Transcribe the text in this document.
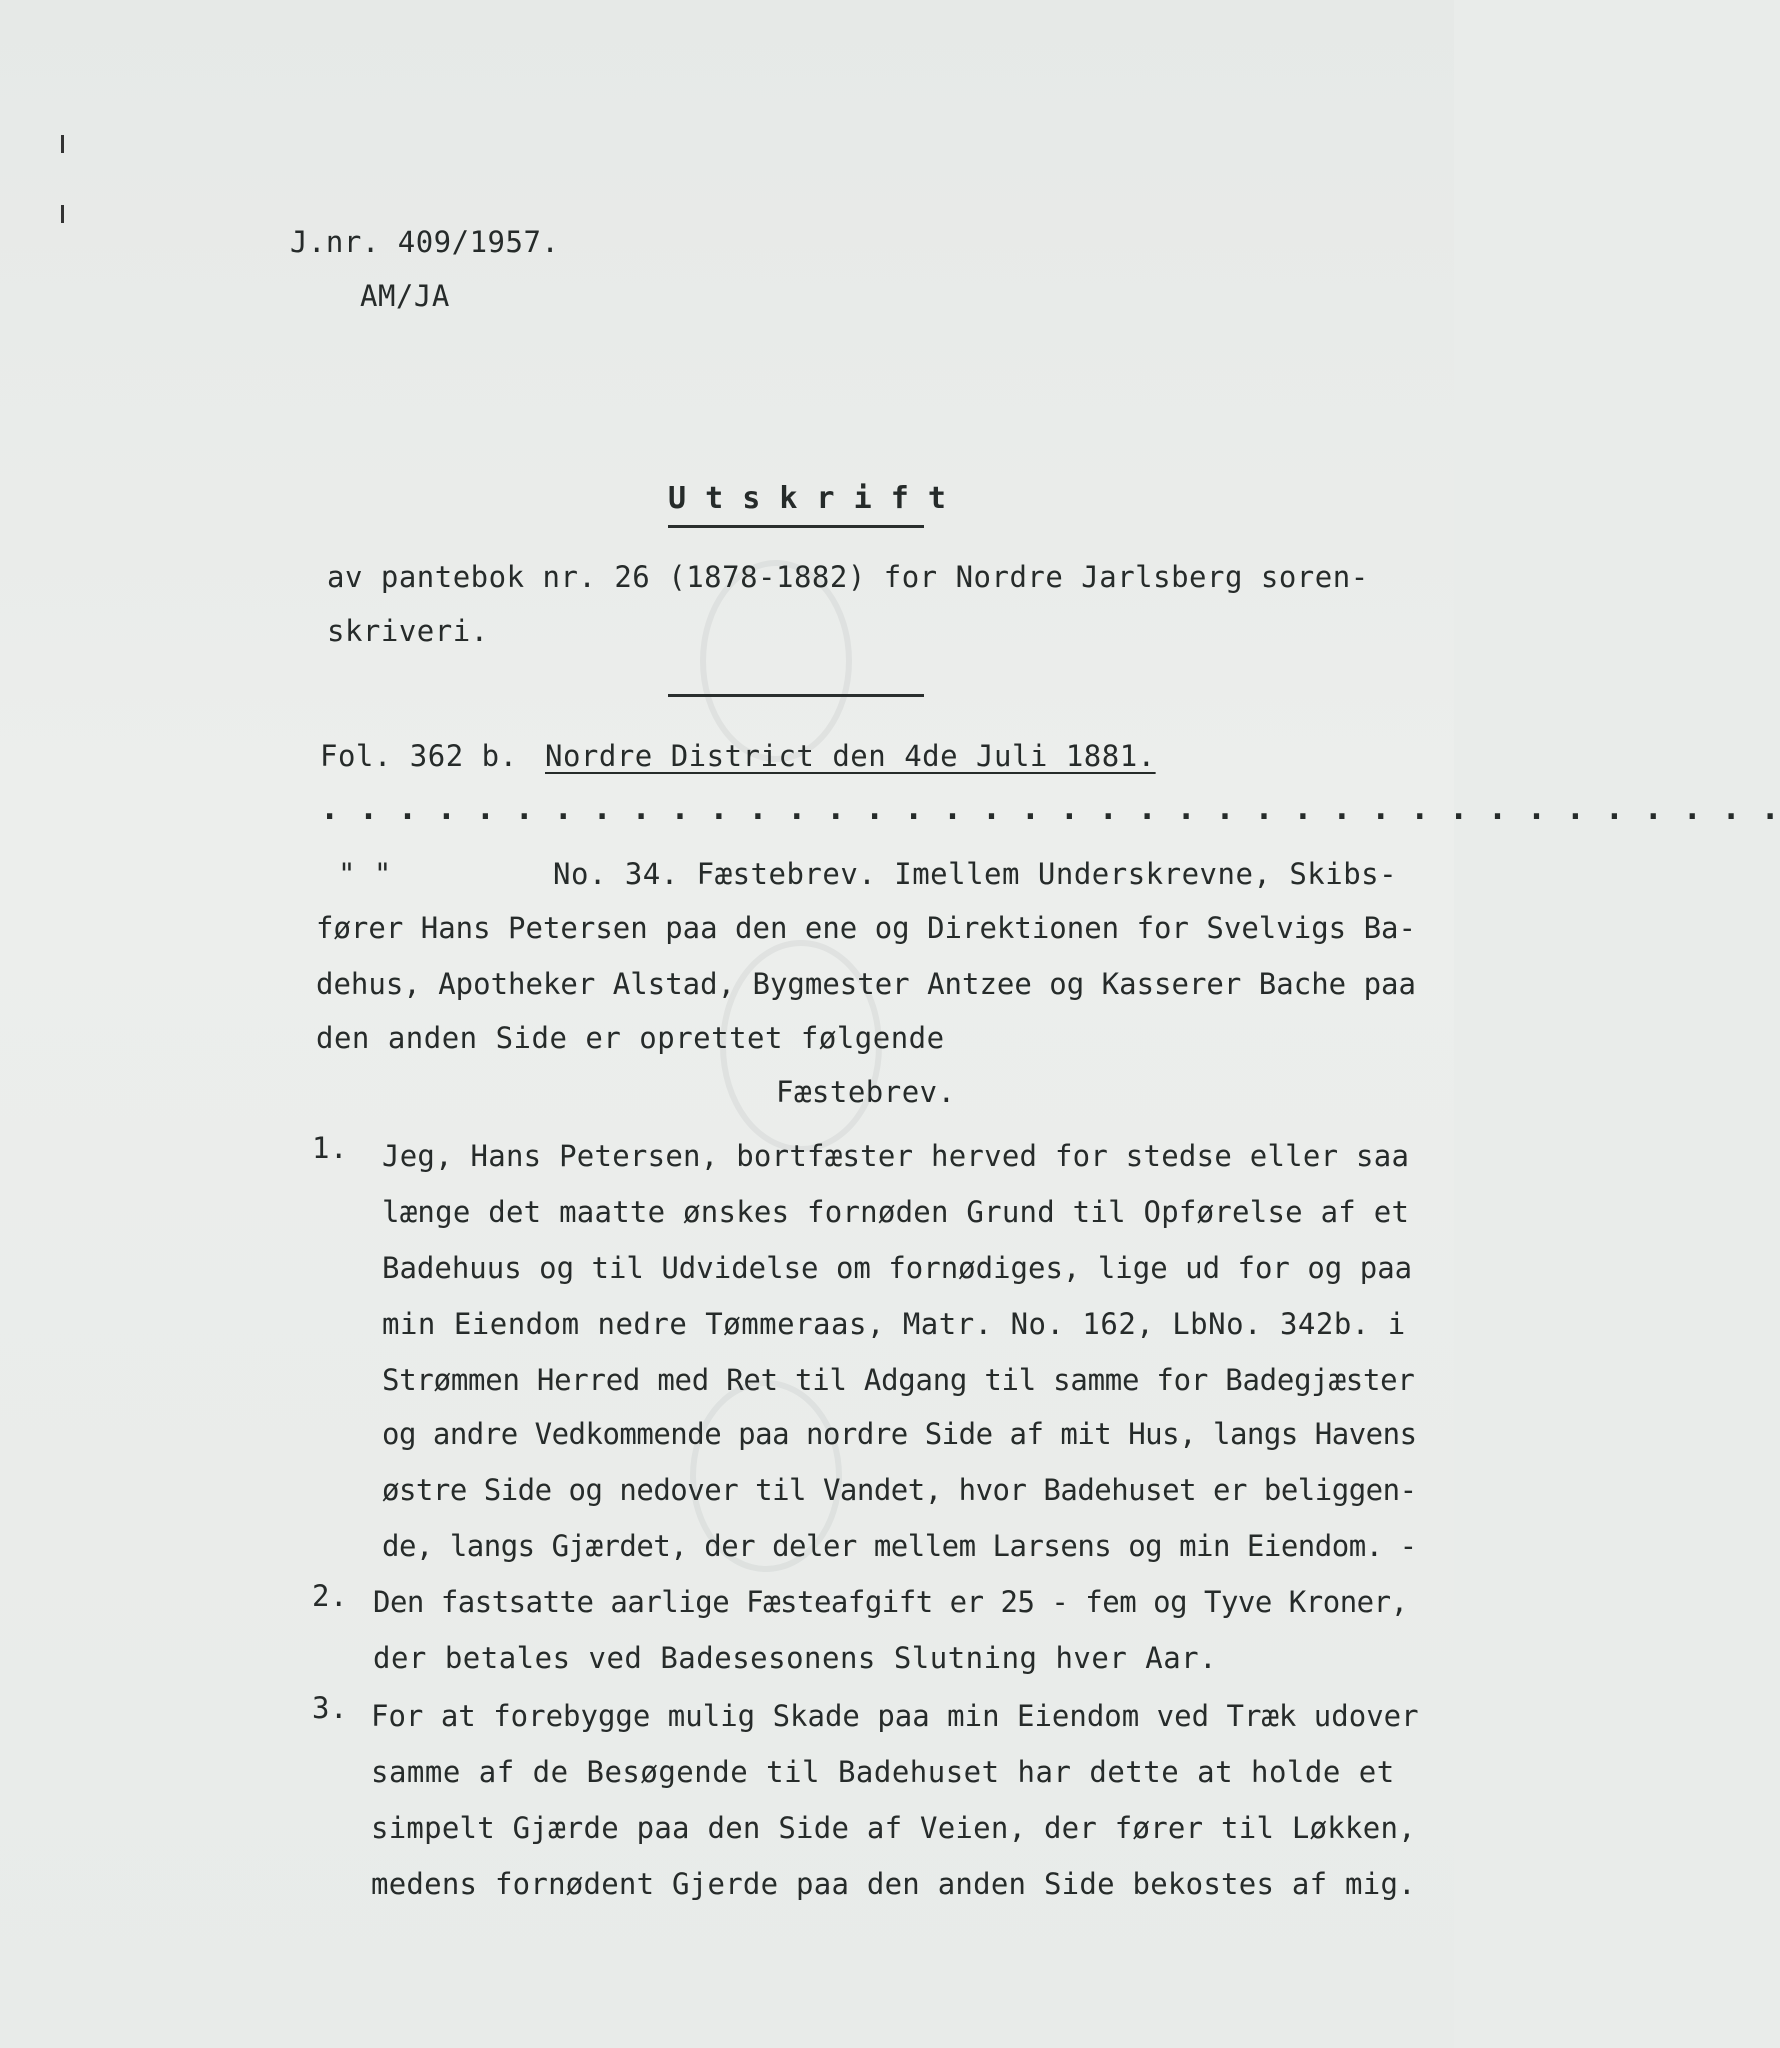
J.nr. 409/1957.
AM/JA
U t s k r i f t
av pantebok nr. 26 (1878-1882) for Nordre Jarlsberg soren-
skriveri.
Fol. 362 b. Nordre District den 4de Juli 1881.
. . . . . . . . . . . . . . . . . . . . . . . . . . . . . . . . . . . . . .
" "	No. 34. Fæstebrev. Imellem Underskrevne, Skibs-
fører Hans Petersen paa den ene og Direktionen for Svelvigs Ba-
dehus, Apotheker Alstad, Bygmester Antzee og Kasserer Bache paa
den anden Side er oprettet følgende
Fæstebrev.
1. Jeg, Hans Petersen, bortfæster herved for stedse eller saa
længe det maatte ønskes fornøden Grund til Opførelse af et
Badehuus og til Udvidelse om fornødiges, lige ud for og paa
min Eiendom nedre Tømmeraas, Matr. No. 162, LbNo. 342b. i
Strømmen Herred med Ret til Adgang til samme for Badegjæster
og andre Vedkommende paa nordre Side af mit Hus, langs Havens
østre Side og nedover til Vandet, hvor Badehuset er beliggen-
de, langs Gjærdet, der deler mellem Larsens og min Eiendom. -
2. Den fastsatte aarlige Fæsteafgift er 25 - fem og Tyve Kroner,
der betales ved Badesesonens Slutning hver Aar.
3. For at forebygge mulig Skade paa min Eiendom ved Træk udover
samme af de Besøgende til Badehuset har dette at holde et
simpelt Gjærde paa den Side af Veien, der fører til Løkken,
medens fornødent Gjerde paa den anden Side bekostes af mig.
